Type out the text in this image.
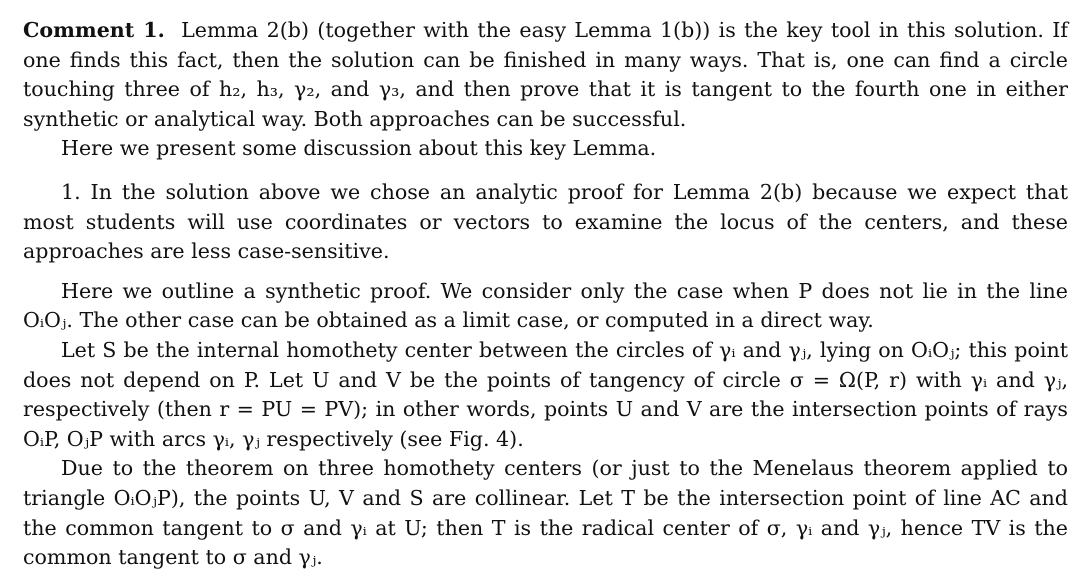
Comment 1. Lemma 2(b) (together with the easy Lemma 1(b)) is the key tool in this solution. If one finds this fact, then the solution can be finished in many ways. That is, one can find a circle touching three of h₂, h₃, γ₂, and γ₃, and then prove that it is tangent to the fourth one in either synthetic or analytical way. Both approaches can be successful.

Here we present some discussion about this key Lemma.

1. In the solution above we chose an analytic proof for Lemma 2(b) because we expect that most students will use coordinates or vectors to examine the locus of the centers, and these approaches are less case-sensitive.

Here we outline a synthetic proof. We consider only the case when P does not lie in the line OᵢOⱼ. The other case can be obtained as a limit case, or computed in a direct way.

Let S be the internal homothety center between the circles of γᵢ and γⱼ, lying on OᵢOⱼ; this point does not depend on P. Let U and V be the points of tangency of circle σ = Ω(P, r) with γᵢ and γⱼ, respectively (then r = PU = PV); in other words, points U and V are the intersection points of rays OᵢP, OⱼP with arcs γᵢ, γⱼ respectively (see Fig. 4).

Due to the theorem on three homothety centers (or just to the Menelaus theorem applied to triangle OᵢOⱼP), the points U, V and S are collinear. Let T be the intersection point of line AC and the common tangent to σ and γᵢ at U; then T is the radical center of σ, γᵢ and γⱼ, hence TV is the common tangent to σ and γⱼ.
